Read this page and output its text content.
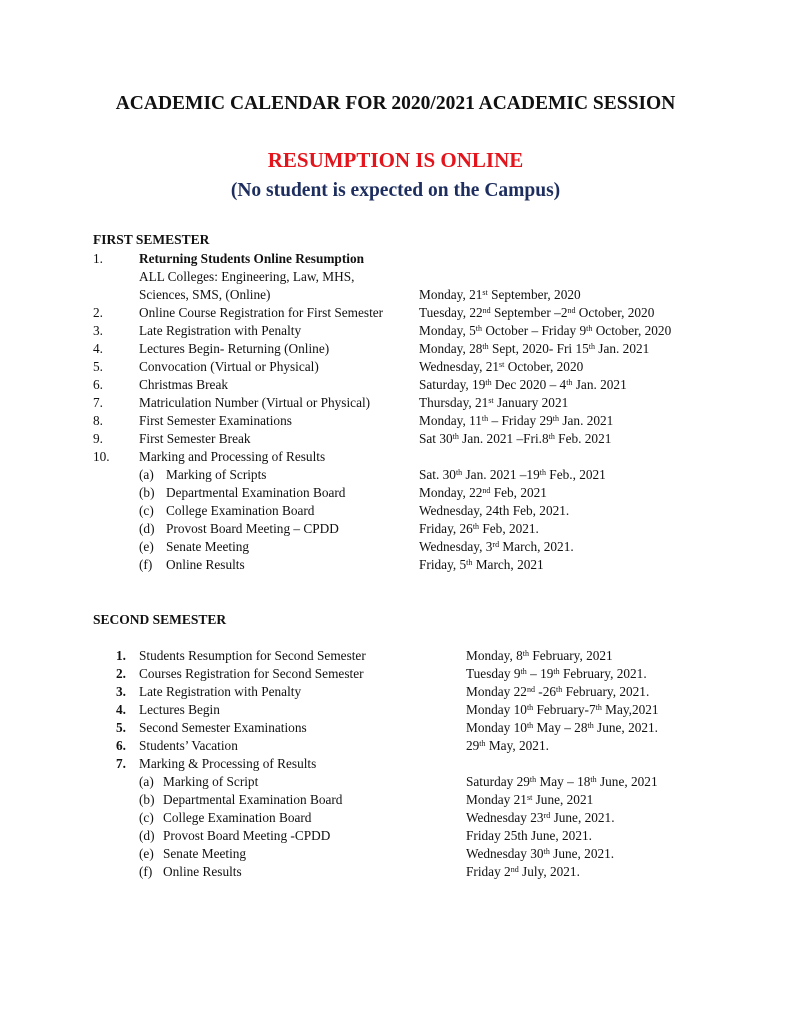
ACADEMIC CALENDAR FOR 2020/2021 ACADEMIC SESSION
RESUMPTION IS ONLINE
(No student is expected on the Campus)
FIRST SEMESTER
1.	Returning Students Online Resumption
ALL Colleges: Engineering, Law, MHS,
Sciences, SMS, (Online)	Monday, 21st September, 2020
2.	Online Course Registration for First Semester	Tuesday, 22nd September –2nd October, 2020
3.	Late Registration with Penalty	Monday, 5th October – Friday 9th October, 2020
4.	Lectures Begin- Returning (Online)	Monday, 28th Sept, 2020- Fri 15th Jan. 2021
5.	Convocation (Virtual or Physical)	Wednesday, 21st October, 2020
6.	Christmas Break	Saturday, 19th Dec 2020 – 4th Jan. 2021
7.	Matriculation Number (Virtual or Physical)	Thursday, 21st January 2021
8.	First Semester Examinations	Monday, 11th – Friday 29th Jan. 2021
9.	First Semester Break	Sat 30th Jan. 2021 –Fri.8th Feb. 2021
10. Marking and Processing of Results
(a) Marking of Scripts	Sat. 30th Jan. 2021 –19th Feb., 2021
(b) Departmental Examination Board	Monday, 22nd Feb, 2021
(c) College Examination Board	Wednesday, 24th Feb, 2021.
(d) Provost Board Meeting – CPDD	Friday, 26th Feb, 2021.
(e) Senate Meeting	Wednesday, 3rd March, 2021.
(f) Online Results	Friday, 5th March, 2021
SECOND SEMESTER
1. Students Resumption for Second Semester	Monday, 8th February, 2021
2. Courses Registration for Second Semester	Tuesday 9th – 19th February, 2021.
3. Late Registration with Penalty	Monday 22nd -26th February, 2021.
4. Lectures Begin	Monday 10th February-7th May,2021
5. Second Semester Examinations	Monday 10th May – 28th June, 2021.
6. Students’ Vacation	29th May, 2021.
7. Marking & Processing of Results
(a) Marking of Script	Saturday 29th May – 18th June, 2021
(b) Departmental Examination Board	Monday 21st June, 2021
(c) College Examination Board	Wednesday 23rd June, 2021.
(d) Provost Board Meeting -CPDD	Friday 25th June, 2021.
(e) Senate Meeting	Wednesday 30th June, 2021.
(f) Online Results	Friday 2nd July, 2021.
